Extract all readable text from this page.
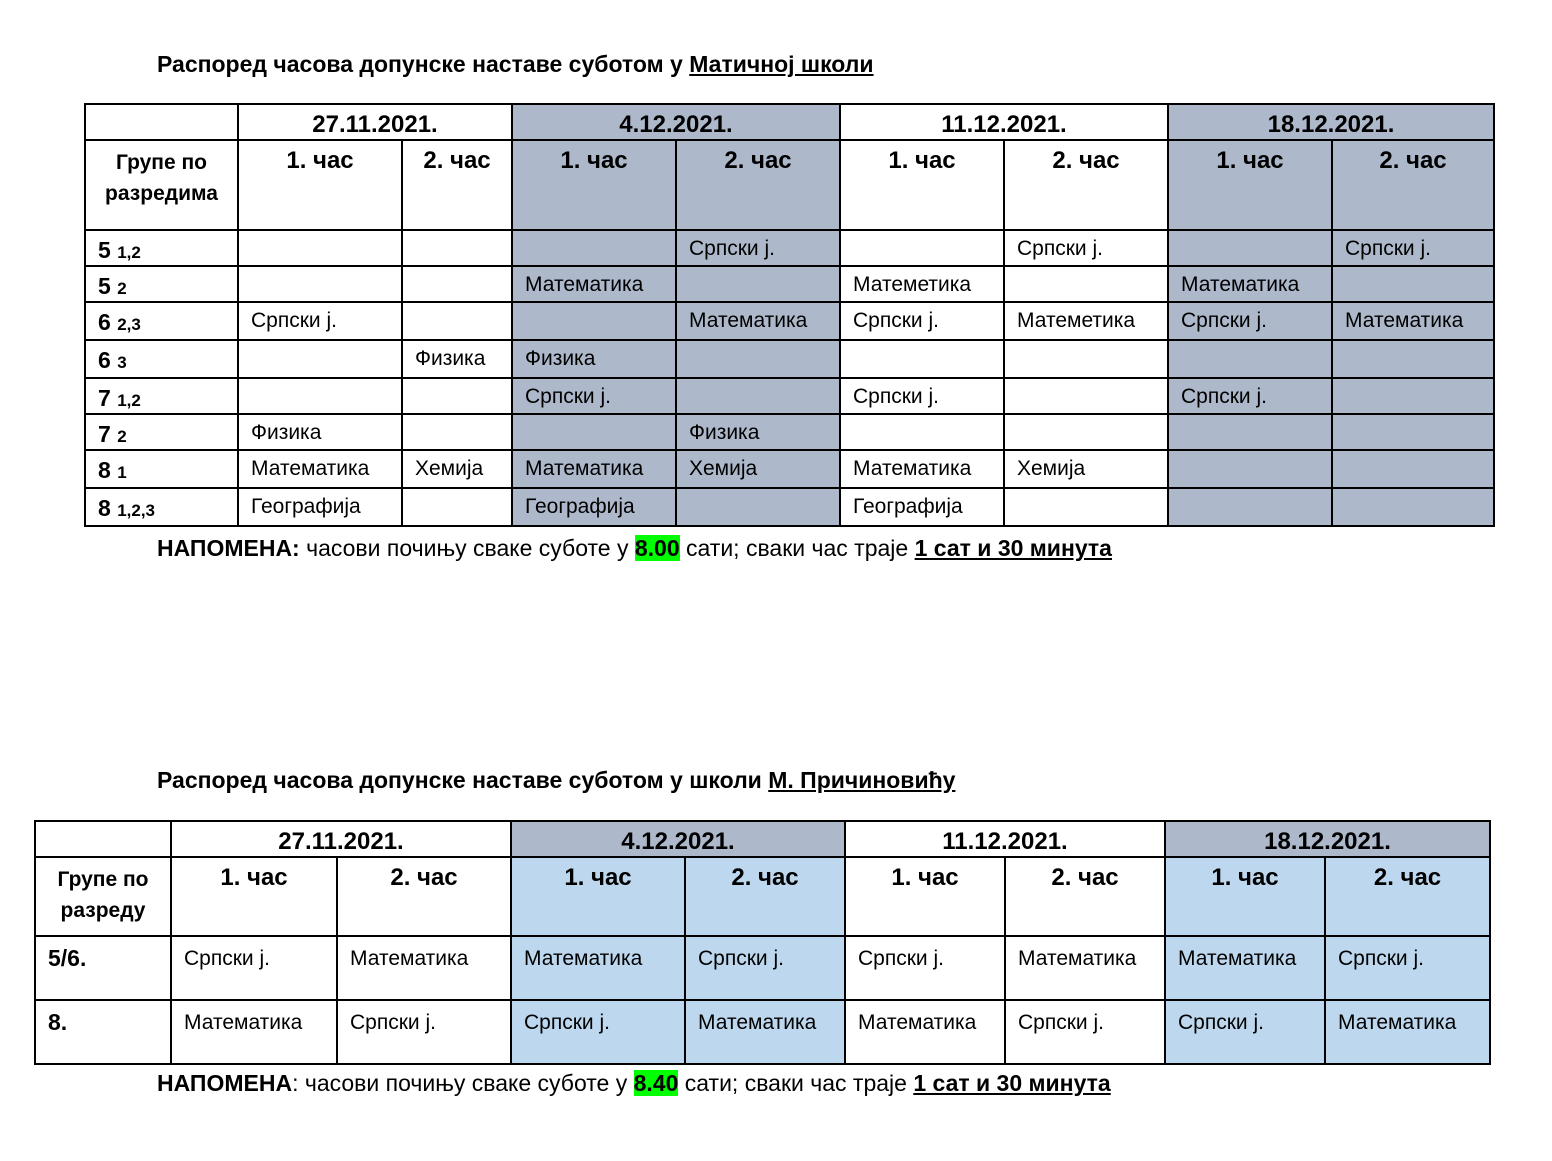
Распоред часова допунске наставе суботом у Матичној школи
	27.11.2021.		4.12.2021.		11.12.2021.		18.12.2021.	
Групе по разредима	1. час	2. час	1. час	2. час	1. час	2. час	1. час	2. час
5 1,2				Српски ј.		Српски ј.		Српски ј.
5 2			Математика		Матеметика		Математика	
6 2,3	Српски ј.			Математика	Српски ј.	Матеметика	Српски ј.	Математика
6 3		Физика	Физика					
7 1,2			Српски ј.		Српски ј.		Српски ј.	
7 2	Физика			Физика				
8 1	Математика	Хемија	Математика	Хемија	Математика	Хемија		
8 1,2,3	Географија		Географија		Географија			
НАПОМЕНА: часови почињу сваке суботе у 8.00 сати; сваки час траје 1 сат и 30 минута
Распоред часова допунске наставе суботом у школи М. Причиновићу
	27.11.2021.		4.12.2021.		11.12.2021.		18.12.2021.	
Групе по разреду	1. час	2. час	1. час	2. час	1. час	2. час	1. час	2. час
5/6.	Српски ј.	Математика	Математика	Српски ј.	Српски ј.	Математика	Математика	Српски ј.
8.	Математика	Српски ј.	Српски ј.	Математика	Математика	Српски ј.	Српски ј.	Математика
НАПОМЕНА: часови почињу сваке суботе у 8.40 сати; сваки час траје 1 сат и 30 минута
